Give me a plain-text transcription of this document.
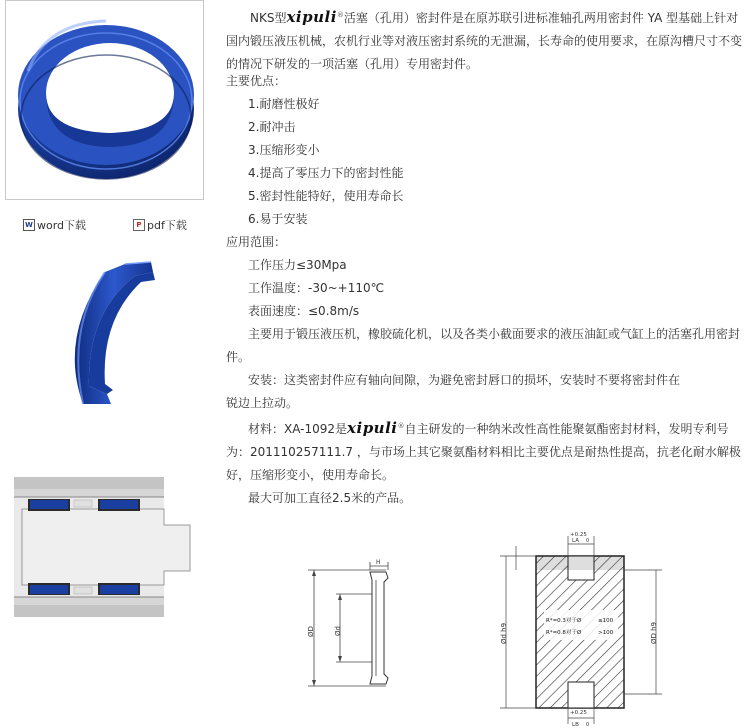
W word下载	P pdf下载

NKS型xipuli®活塞（孔用）密封件是在原苏联引进标准轴孔两用密封件 YA 型基础上针对国内锻压液压机械，农机行业等对液压密封系统的无泄漏，长寿命的使用要求，在原沟槽尺寸不变的情况下研发的一项活塞（孔用）专用密封件。

主要优点：

1.耐磨性极好

2.耐冲击

3.压缩形变小

4.提高了零压力下的密封性能

5.密封性能特好，使用寿命长

6.易于安装

应用范围：

工作压力≤30Mpa

工作温度：-30~+110℃

表面速度：≤0.8m/s

主要用于锻压液压机，橡胶硫化机，以及各类小截面要求的液压油缸或气缸上的活塞孔用密封件。

安装：这类密封件应有轴向间隙，为避免密封唇口的损坏，安装时不要将密封件在锐边上拉动。

材料：XA-1092是xipuli®自主研发的一种纳米改性高性能聚氨酯密封材料，发明专利号为：201110257111.7 ，与市场上其它聚氨酯材料相比主要优点是耐热性提高，抗老化耐水解极好，压缩形变小，使用寿命长。

最大可加工直径2.5米的产品。

H
ØD	Ød
+0.25
LA 0
Ød h9	ØD h9
R*=0.3对于Ø	≤100
R*=0.8对于Ø	>100
+0.25
LB 0
